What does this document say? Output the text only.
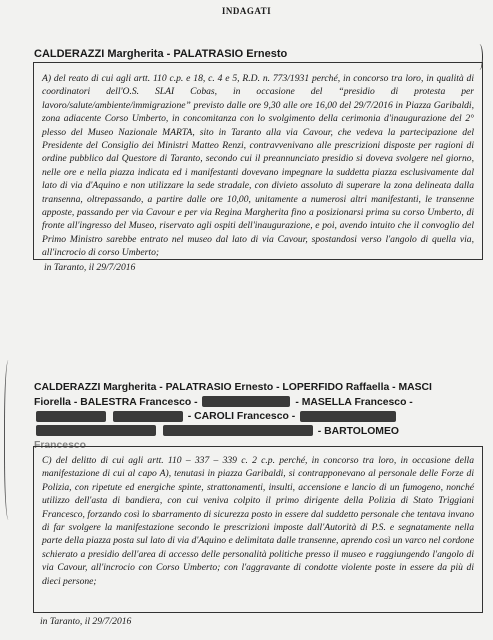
INDAGATI
CALDERAZZI Margherita - PALATRASIO Ernesto
A) del reato di cui agli artt. 110 c.p. e 18, c. 4 e 5, R.D. n. 773/1931 perché, in concorso tra loro, in qualità di coordinatori dell'O.S. SLAI Cobas, in occasione del “presidio di protesta per lavoro/salute/ambiente/immigrazione” previsto dalle ore 9,30 alle ore 16,00 del 29/7/2016 in Piazza Garibaldi, zona adiacente Corso Umberto, in concomitanza con lo svolgimento della cerimonia d'inaugurazione del 2° plesso del Museo Nazionale MARTA, sito in Taranto alla via Cavour, che vedeva la partecipazione del Presidente del Consiglio dei Ministri Matteo Renzi, contravvenivano alle prescrizioni disposte per ragioni di ordine pubblico dal Questore di Taranto, secondo cui il preannunciato presidio si doveva svolgere nel giorno, nelle ore e nella piazza indicata ed i manifestanti dovevano impegnare la suddetta piazza esclusivamente dal lato di via d'Aquino e non utilizzare la sede stradale, con divieto assoluto di superare la zona delineata dalla transenna, oltrepassando, a partire dalle ore 10,00, unitamente a numerosi altri manifestanti, le transenne apposte, passando per via Cavour e per via Regina Margherita fino a posizionarsi prima su corso Umberto, di fronte all'ingresso del Museo, riservato agli ospiti dell'inaugurazione, e poi, avendo intuito che il convoglio del Primo Ministro sarebbe entrato nel museo dal lato di via Cavour, spostandosi verso l'angolo di quella via, all'incrocio di corso Umberto;
in Taranto, il 29/7/2016
CALDERAZZI Margherita - PALATRASIO Ernesto - LOPERFIDO Raffaella - MASCI
Fiorella - BALESTRA Francesco -	- MASELLA Francesco -
- CAROLI Francesco -
- BARTOLOMEO
Francesco
C) del delitto di cui agli artt. 110 – 337 – 339 c. 2 c.p. perché, in concorso tra loro, in occasione della manifestazione di cui al capo A), tenutasi in piazza Garibaldi, si contrapponevano al personale delle Forze di Polizia, con ripetute ed energiche spinte, strattonamenti, insulti, accensione e lancio di un fumogeno, nonché utilizzo dell'asta di bandiera, con cui veniva colpito il primo dirigente della Polizia di Stato Triggiani Francesco, forzando così lo sbarramento di sicurezza posto in essere dal suddetto personale che tentava invano di far svolgere la manifestazione secondo le prescrizioni imposte dall'Autorità di P.S. e segnatamente nella parte della piazza posta sul lato di via d'Aquino e delimitata dalle transenne, aprendo così un varco nel cordone schierato a presidio dell'area di accesso delle personalità politiche presso il museo e raggiungendo l'angolo di via Cavour, all'incrocio con Corso Umberto; con l'aggravante di condotte violente poste in essere da più di dieci persone;
in Taranto, il 29/7/2016
